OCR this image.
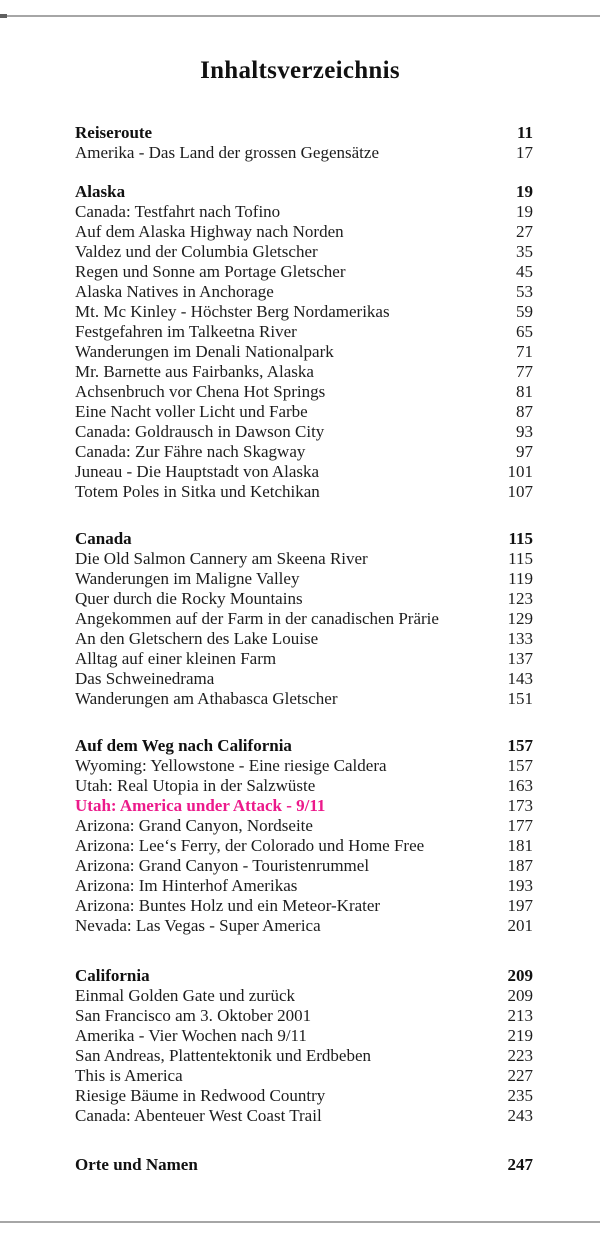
Inhaltsverzeichnis
Reiseroute	11
Amerika - Das Land der grossen Gegensätze	17
Alaska	19
Canada: Testfahrt nach Tofino	19
Auf dem Alaska Highway nach Norden	27
Valdez und der Columbia Gletscher	35
Regen und Sonne am Portage Gletscher	45
Alaska Natives in Anchorage	53
Mt. Mc Kinley - Höchster Berg Nordamerikas	59
Festgefahren im Talkeetna River	65
Wanderungen im Denali Nationalpark	71
Mr. Barnette aus Fairbanks, Alaska	77
Achsenbruch vor Chena Hot Springs	81
Eine Nacht voller Licht und Farbe	87
Canada: Goldrausch in Dawson City	93
Canada: Zur Fähre nach Skagway	97
Juneau - Die Hauptstadt von Alaska	101
Totem Poles in Sitka und Ketchikan	107
Canada	115
Die Old Salmon Cannery am Skeena River	115
Wanderungen im Maligne Valley	119
Quer durch die Rocky Mountains	123
Angekommen auf der Farm in der canadischen Prärie	129
An den Gletschern des Lake Louise	133
Alltag auf einer kleinen Farm	137
Das Schweinedrama	143
Wanderungen am Athabasca Gletscher	151
Auf dem Weg nach California	157
Wyoming: Yellowstone - Eine riesige Caldera	157
Utah: Real Utopia in der Salzwüste	163
Utah: America under Attack - 9/11	173
Arizona: Grand Canyon, Nordseite	177
Arizona: Lee‘s Ferry, der Colorado und Home Free	181
Arizona: Grand Canyon - Touristenrummel	187
Arizona: Im Hinterhof Amerikas	193
Arizona: Buntes Holz und ein Meteor-Krater	197
Nevada: Las Vegas - Super America	201
California	209
Einmal Golden Gate und zurück	209
San Francisco am 3. Oktober 2001	213
Amerika - Vier Wochen nach 9/11	219
San Andreas, Plattentektonik und Erdbeben	223
This is America	227
Riesige Bäume in Redwood Country	235
Canada: Abenteuer West Coast Trail	243
Orte und Namen	247
